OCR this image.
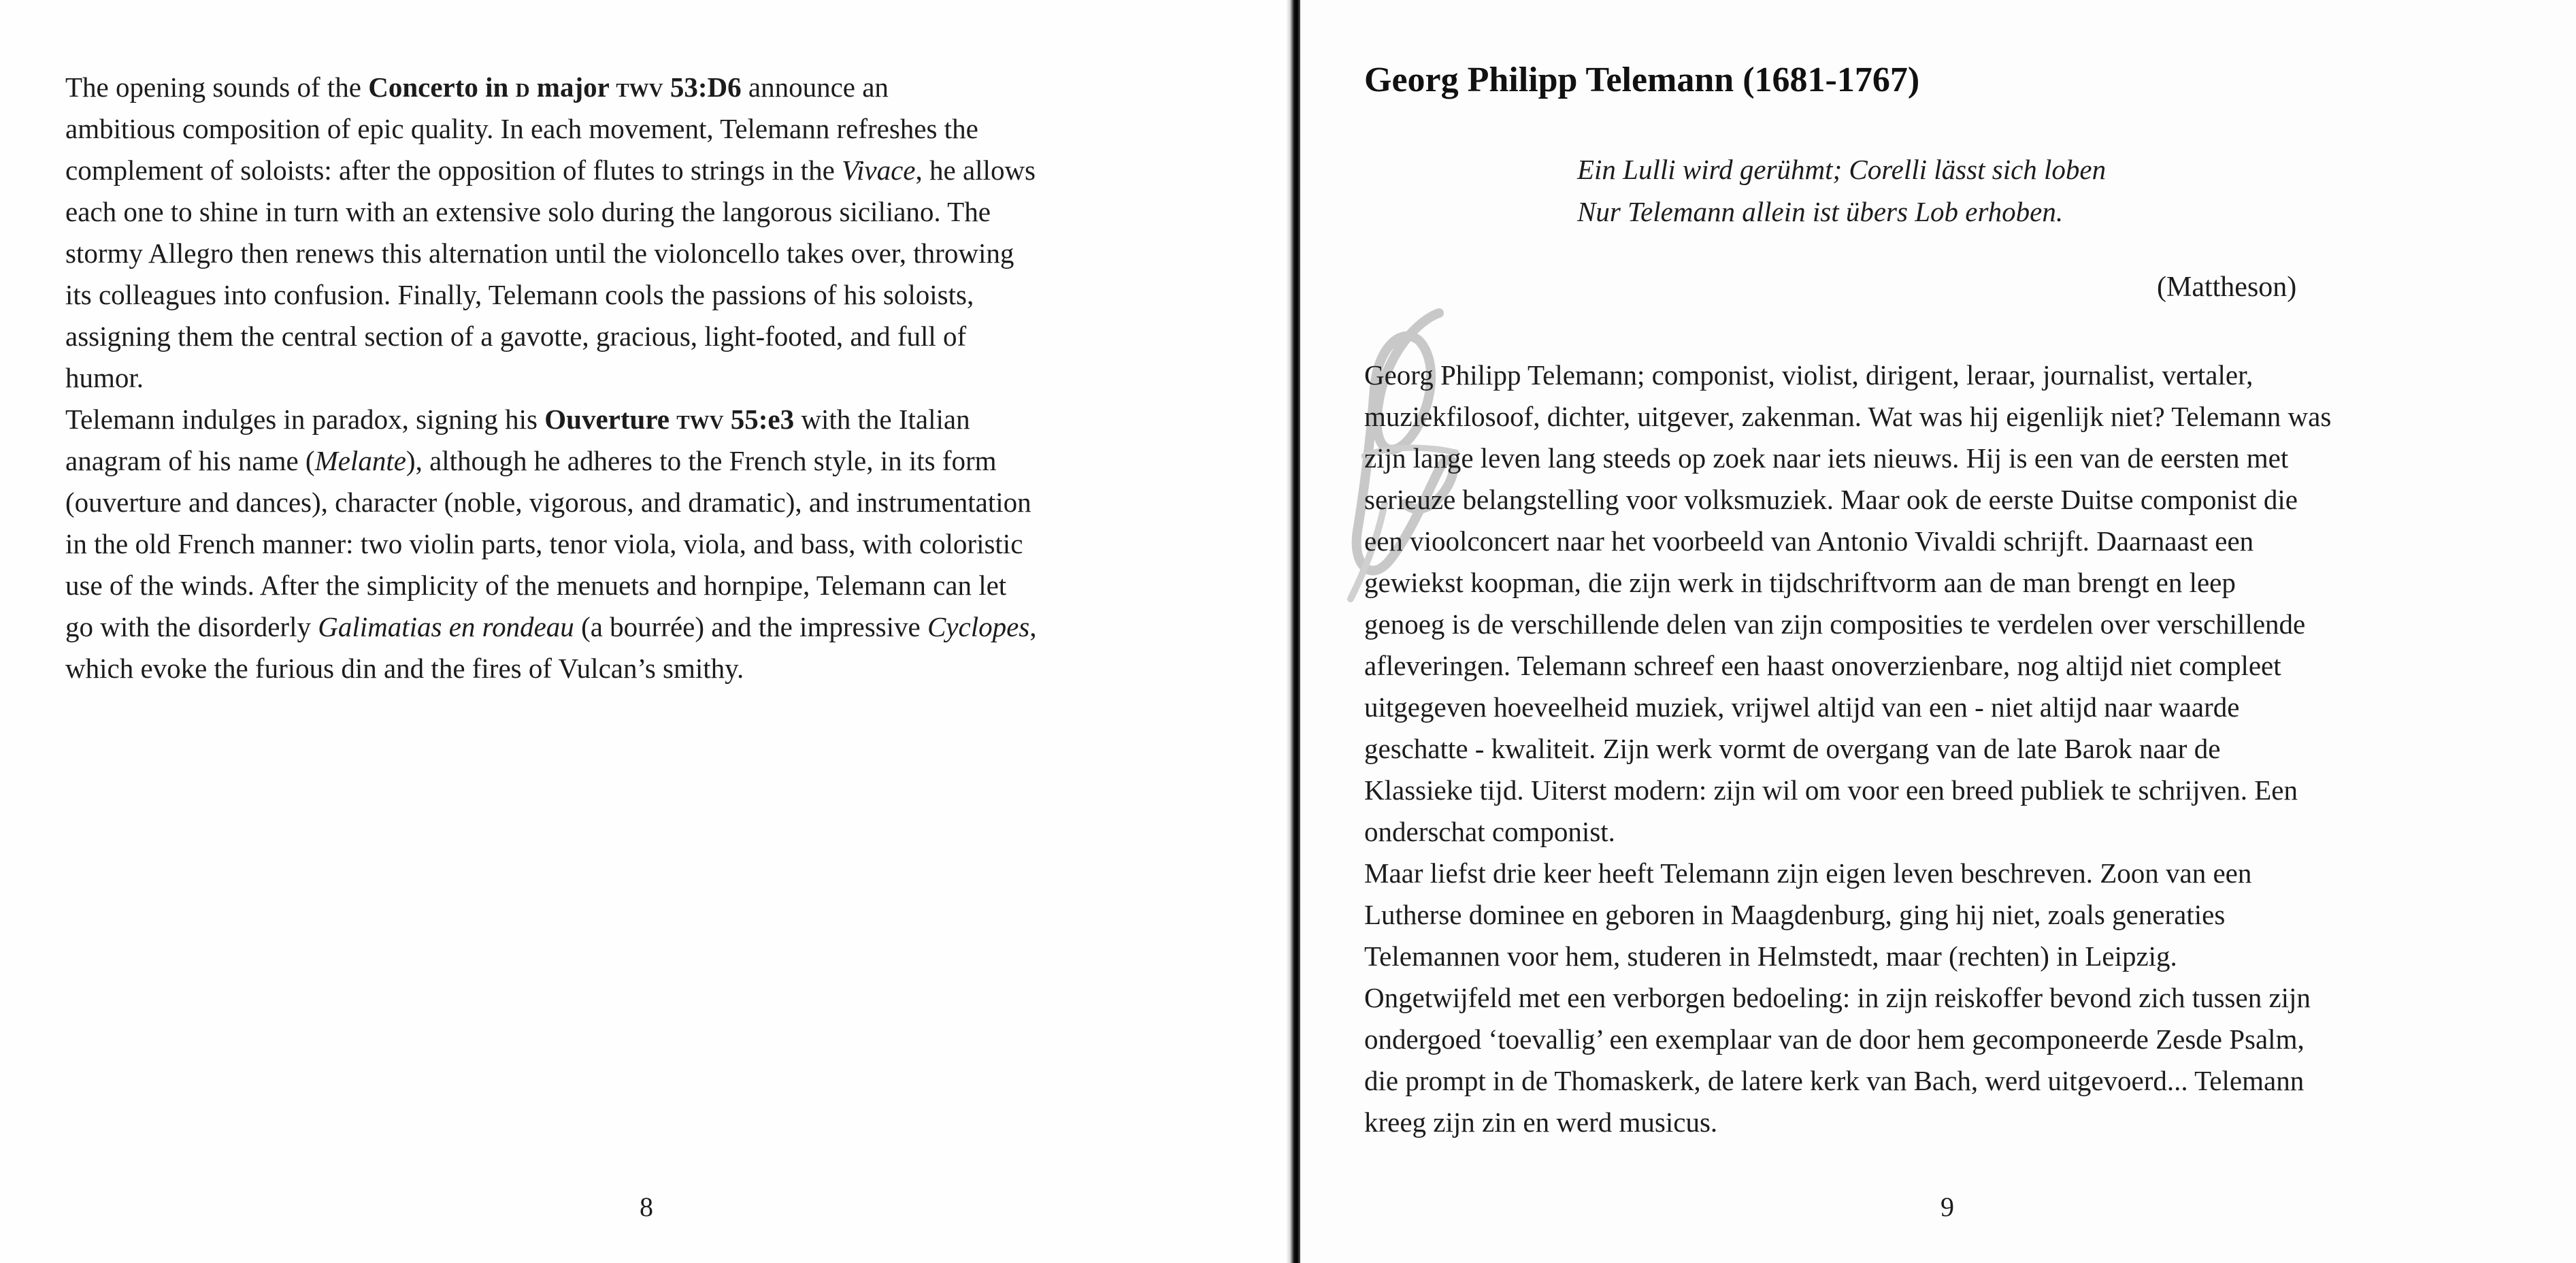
The opening sounds of the Concerto in d major twv 53:D6 announce an
ambitious composition of epic quality. In each movement, Telemann refreshes the
complement of soloists: after the opposition of flutes to strings in the Vivace, he allows
each one to shine in turn with an extensive solo during the langorous siciliano. The
stormy Allegro then renews this alternation until the violoncello takes over, throwing
its colleagues into confusion. Finally, Telemann cools the passions of his soloists,
assigning them the central section of a gavotte, gracious, light-footed, and full of
humor.
Telemann indulges in paradox, signing his Ouverture twv 55:e3 with the Italian
anagram of his name (Melante), although he adheres to the French style, in its form
(ouverture and dances), character (noble, vigorous, and dramatic), and instrumentation
in the old French manner: two violin parts, tenor viola, viola, and bass, with coloristic
use of the winds. After the simplicity of the menuets and hornpipe, Telemann can let
go with the disorderly Galimatias en rondeau (a bourrée) and the impressive Cyclopes,
which evoke the furious din and the fires of Vulcan’s smithy.
8
Georg Philipp Telemann (1681-1767)
Ein Lulli wird gerühmt; Corelli lässt sich loben
Nur Telemann allein ist übers Lob erhoben.
(Mattheson)
Georg Philipp Telemann; componist, violist, dirigent, leraar, journalist, vertaler,
muziekfilosoof, dichter, uitgever, zakenman. Wat was hij eigenlijk niet? Telemann was
zijn lange leven lang steeds op zoek naar iets nieuws. Hij is een van de eersten met
serieuze belangstelling voor volksmuziek. Maar ook de eerste Duitse componist die
een vioolconcert naar het voorbeeld van Antonio Vivaldi schrijft. Daarnaast een
gewiekst koopman, die zijn werk in tijdschriftvorm aan de man brengt en leep
genoeg is de verschillende delen van zijn composities te verdelen over verschillende
afleveringen. Telemann schreef een haast onoverzienbare, nog altijd niet compleet
uitgegeven hoeveelheid muziek, vrijwel altijd van een - niet altijd naar waarde
geschatte - kwaliteit. Zijn werk vormt de overgang van de late Barok naar de
Klassieke tijd. Uiterst modern: zijn wil om voor een breed publiek te schrijven. Een
onderschat componist.
Maar liefst drie keer heeft Telemann zijn eigen leven beschreven. Zoon van een
Lutherse dominee en geboren in Maagdenburg, ging hij niet, zoals generaties
Telemannen voor hem, studeren in Helmstedt, maar (rechten) in Leipzig.
Ongetwijfeld met een verborgen bedoeling: in zijn reiskoffer bevond zich tussen zijn
ondergoed ‘toevallig’ een exemplaar van de door hem gecomponeerde Zesde Psalm,
die prompt in de Thomaskerk, de latere kerk van Bach, werd uitgevoerd... Telemann
kreeg zijn zin en werd musicus.
9
